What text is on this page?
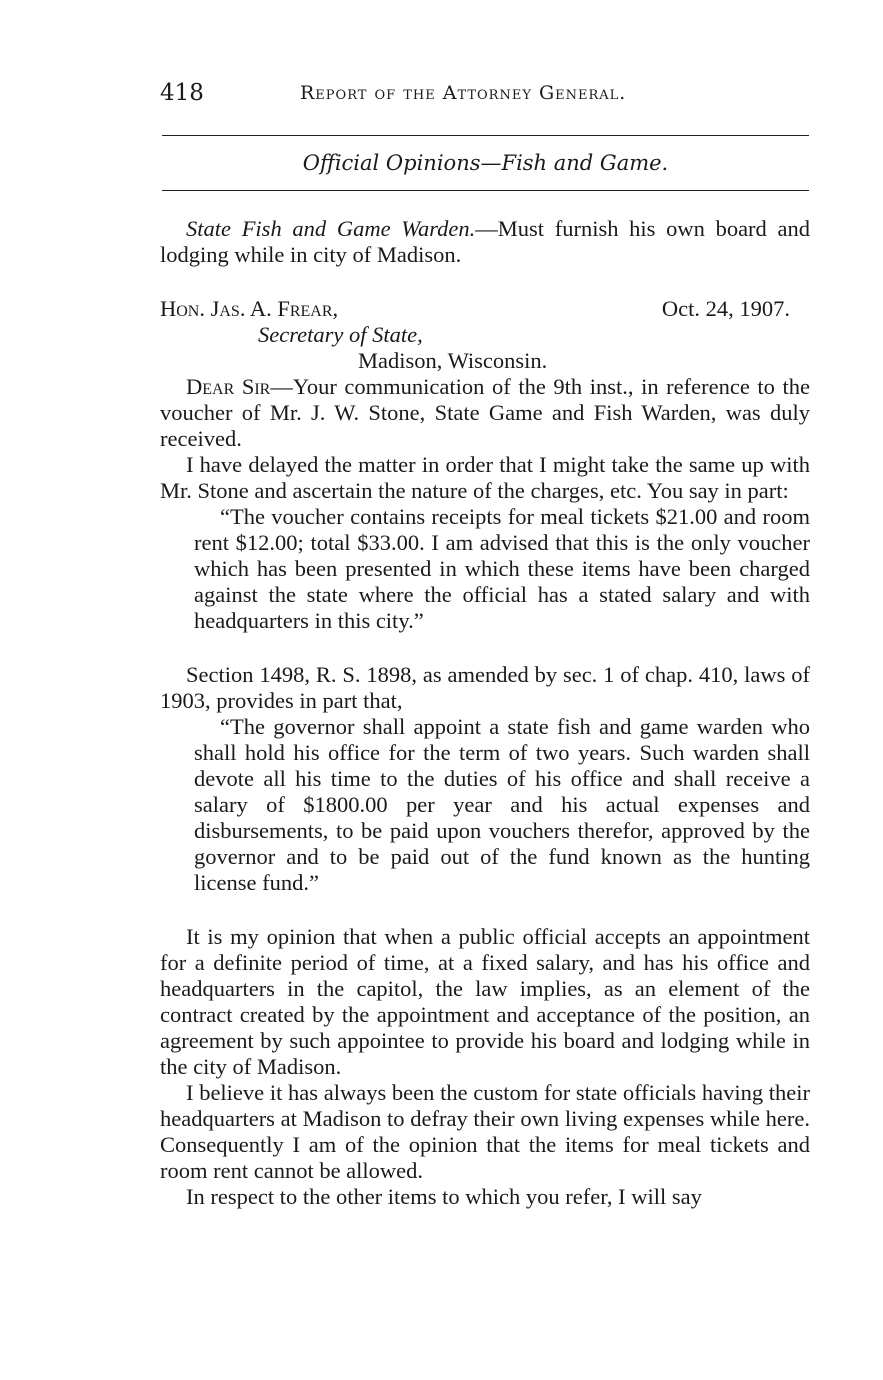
418	Report of the Attorney General.
Official Opinions—Fish and Game.

State Fish and Game Warden.—Must furnish his own board and lodging while in city of Madison.

Hon. Jas. A. Frear,	Oct. 24, 1907.
Secretary of State,
Madison, Wisconsin.

Dear Sir—Your communication of the 9th inst., in reference to the voucher of Mr. J. W. Stone, State Game and Fish Warden, was duly received.

I have delayed the matter in order that I might take the same up with Mr. Stone and ascertain the nature of the charges, etc. You say in part:

“The voucher contains receipts for meal tickets $21.00 and room rent $12.00; total $33.00. I am advised that this is the only voucher which has been presented in which these items have been charged against the state where the official has a stated salary and with headquarters in this city.”

Section 1498, R. S. 1898, as amended by sec. 1 of chap. 410, laws of 1903, provides in part that,

“The governor shall appoint a state fish and game warden who shall hold his office for the term of two years. Such warden shall devote all his time to the duties of his office and shall receive a salary of $1800.00 per year and his actual expenses and disbursements, to be paid upon vouchers therefor, approved by the governor and to be paid out of the fund known as the hunting license fund.”

It is my opinion that when a public official accepts an appointment for a definite period of time, at a fixed salary, and has his office and headquarters in the capitol, the law implies, as an element of the contract created by the appointment and acceptance of the position, an agreement by such appointee to provide his board and lodging while in the city of Madison.

I believe it has always been the custom for state officials having their headquarters at Madison to defray their own living expenses while here. Consequently I am of the opinion that the items for meal tickets and room rent cannot be allowed.

In respect to the other items to which you refer, I will say
